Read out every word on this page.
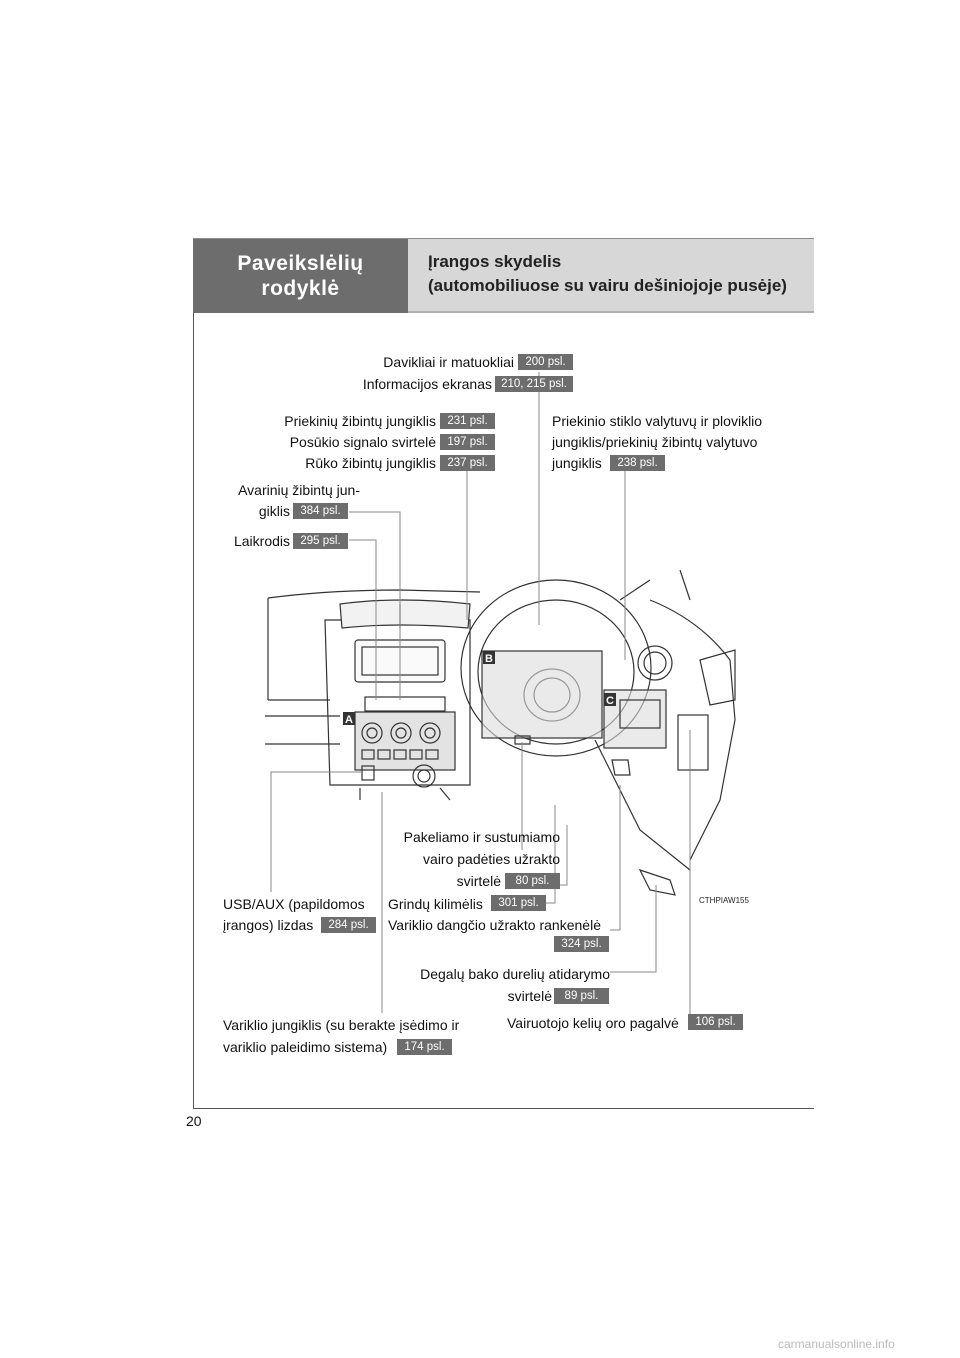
Paveikslėlių
rodyklė
Įrangos skydelis
(automobiliuose su vairu dešiniojoje pusėje)
A
B
C
CTHPIAW155
Davikliai ir matuokliai 200 psl.
Informacijos ekranas 210, 215 psl.
Priekinių žibintų jungiklis 231 psl.
Posūkio signalo svirtelė 197 psl.
Rūko žibintų jungiklis 237 psl.
Priekinio stiklo valytuvų ir ploviklio
jungiklis/priekinių žibintų valytuvo
jungiklis	238 psl.
Avarinių žibintų jun-
giklis 384 psl.
Laikrodis 295 psl.
Pakeliamo ir sustumiamo
vairo padėties užrakto
svirtelė	80 psl.
USB/AUX (papildomos
įrangos) lizdas	284 psl.
Grindų kilimėlis	301 psl.
Variklio dangčio užrakto rankenėlė
324 psl.
Degalų bako durelių atidarymo
svirtelė	89 psl.
Variklio jungiklis (su berakte įsėdimo ir
variklio paleidimo sistema)	174 psl.
Vairuotojo kelių oro pagalvė	106 psl.
20
carmanualsonline.info
